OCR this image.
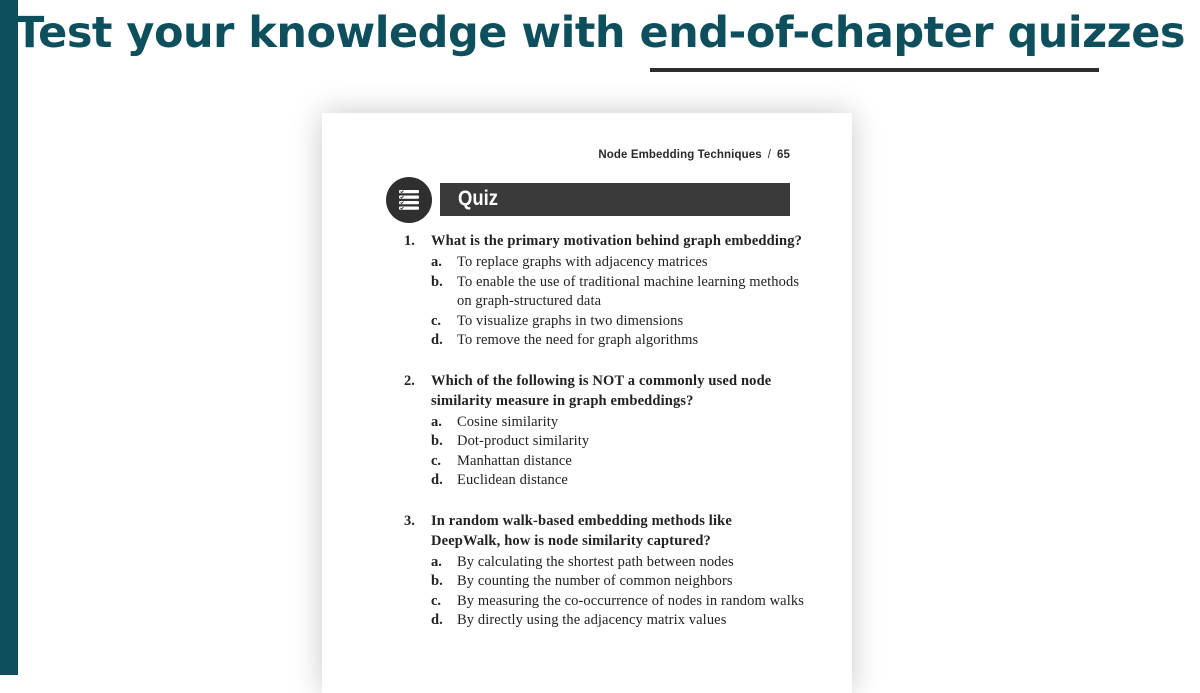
Test your knowledge with end-of-chapter quizzes
Node Embedding Techniques / 65
Quiz
1.	What is the primary motivation behind graph embedding?
a.	To replace graphs with adjacency matrices
b. To enable the use of traditional machine learning methods on graph-structured data
c.	To visualize graphs in two dimensions
d. To remove the need for graph algorithms
2.	Which of the following is NOT a commonly used node similarity measure in graph embeddings?
a.	Cosine similarity
b. Dot-product similarity
c.	Manhattan distance
d. Euclidean distance
3.	In random walk-based embedding methods like DeepWalk, how is node similarity captured?
a.	By calculating the shortest path between nodes
b. By counting the number of common neighbors
c.	By measuring the co-occurrence of nodes in random walks
d. By directly using the adjacency matrix values
